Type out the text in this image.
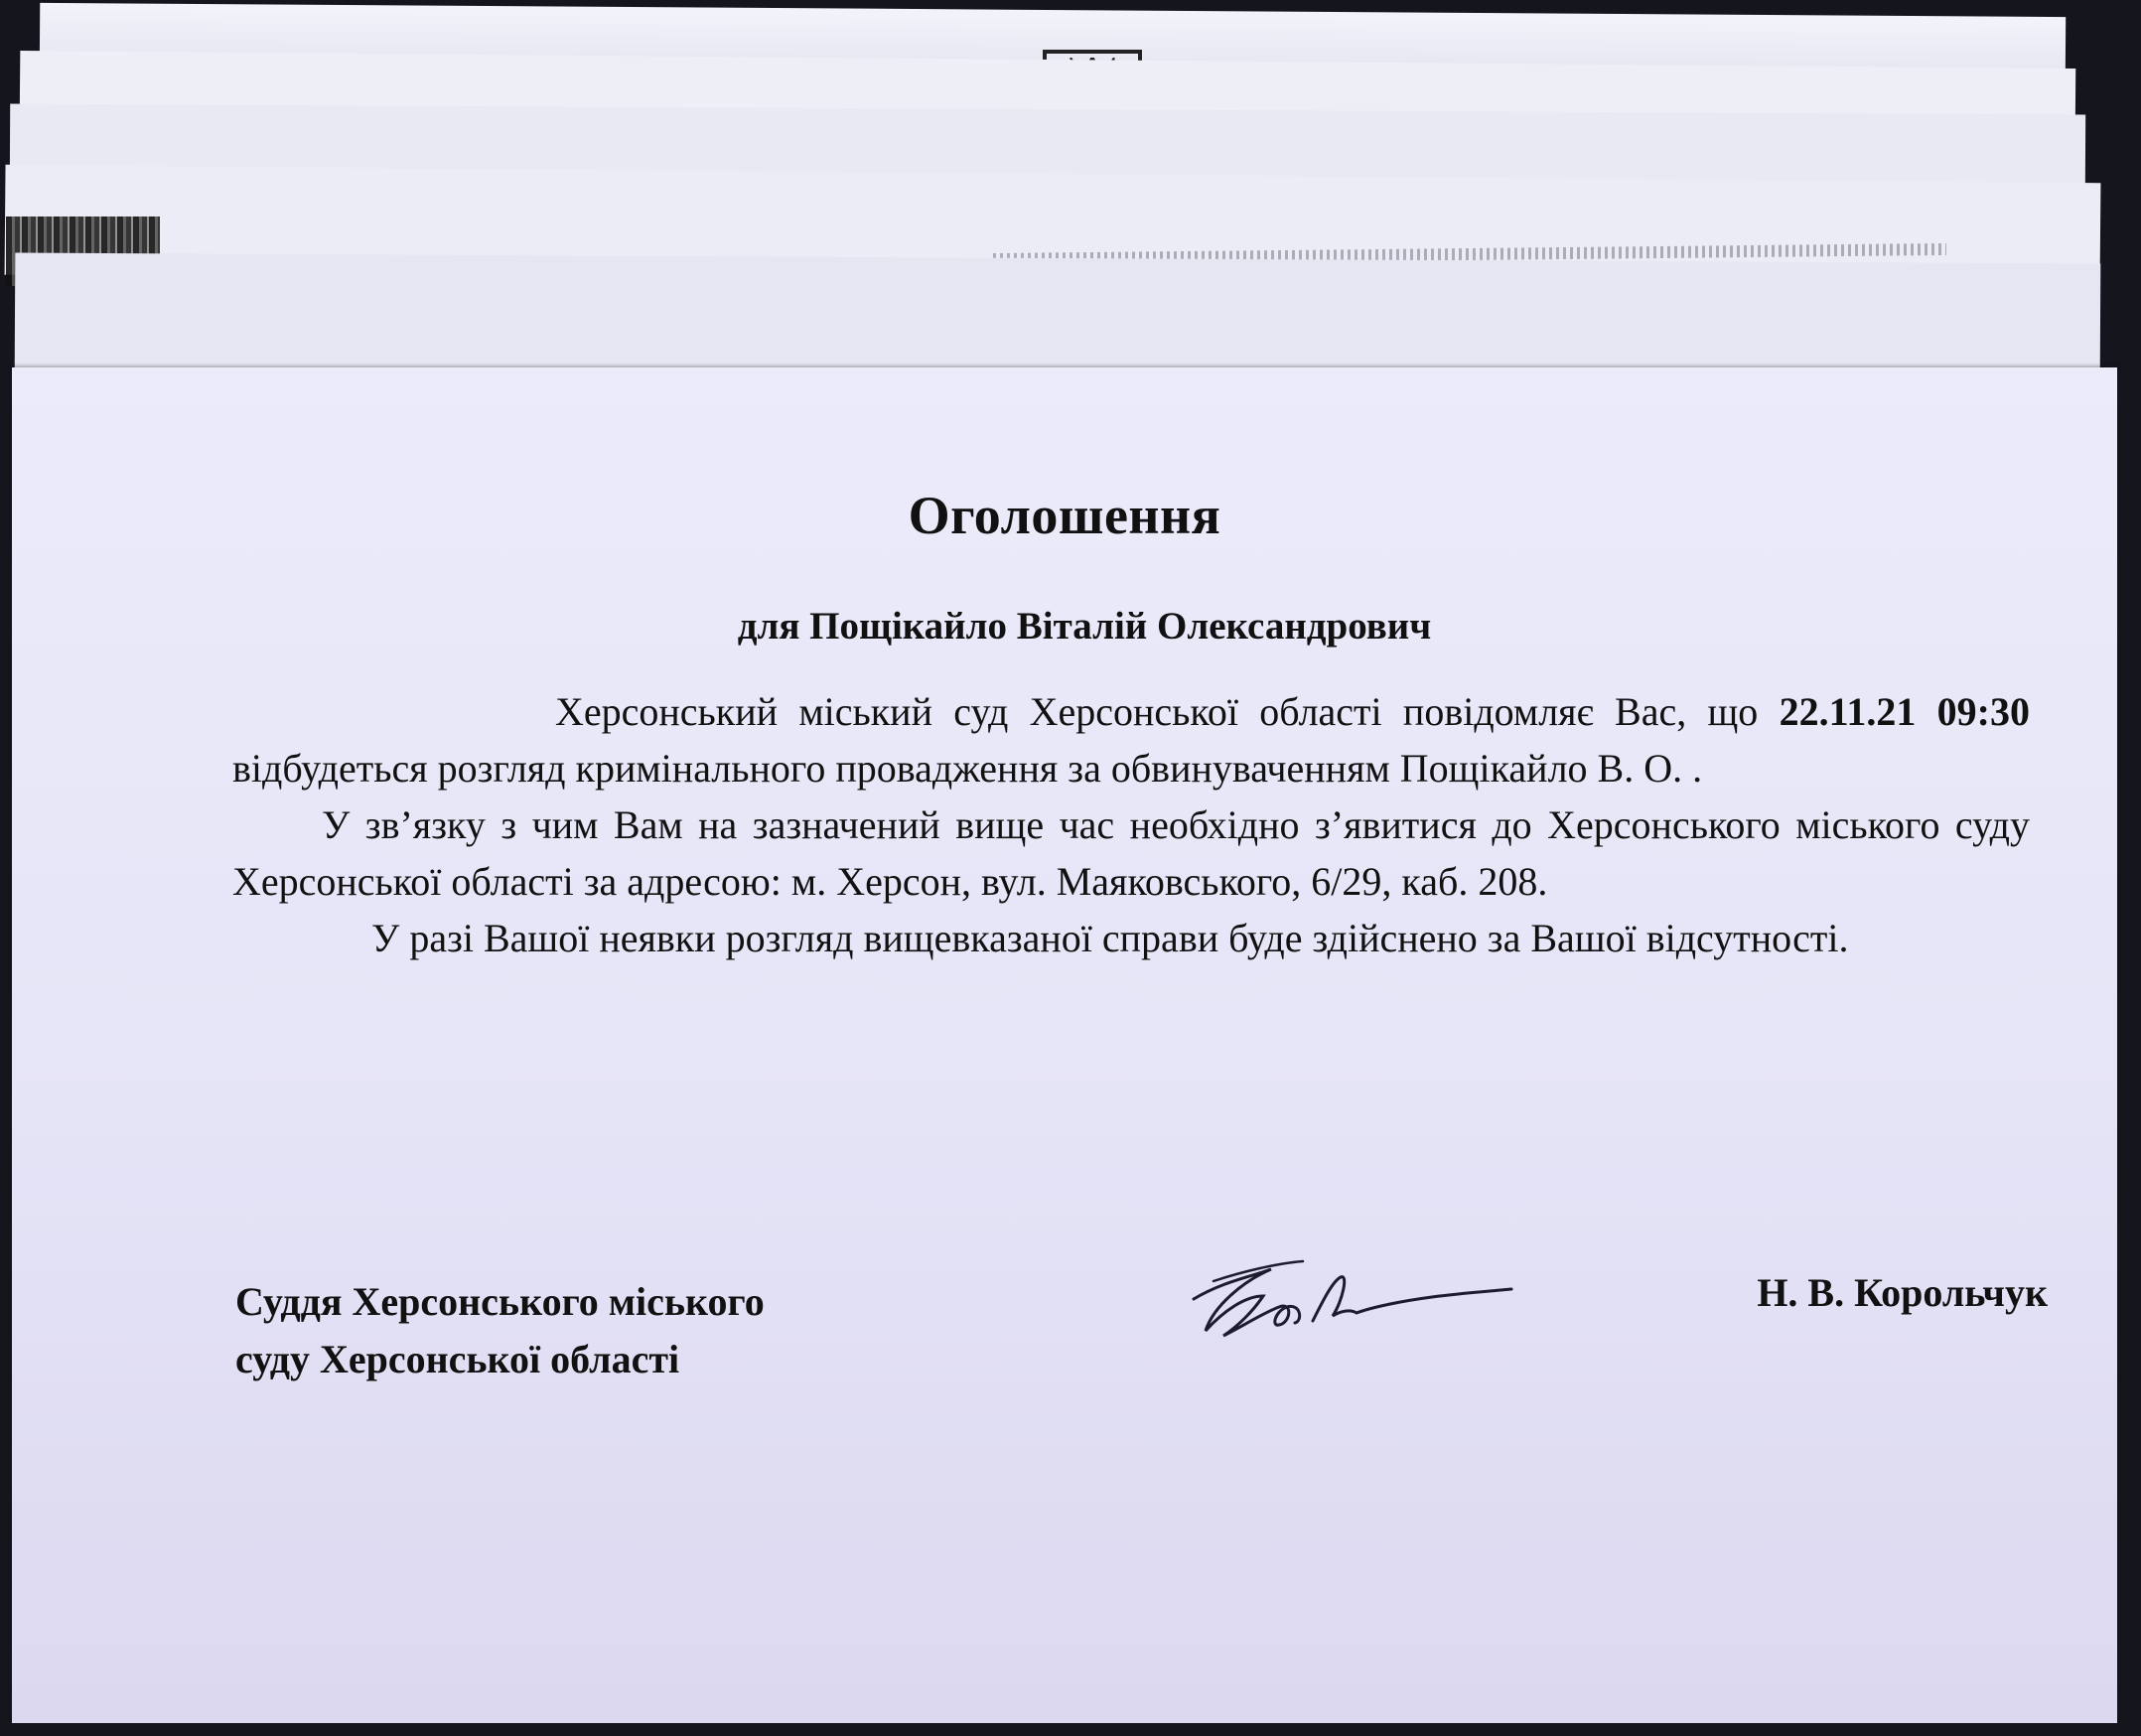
Оголошення
для Пощікайло Віталій Олександрович

Херсонський міський суд Херсонської області повідомляє Вас, що 22.11.21 09:30 відбудеться розгляд кримінального провадження за обвинуваченням Пощікайло В. О. .

У зв’язку з чим Вам на зазначений вище час необхідно з’явитися до Херсонського міського суду Херсонської області за адресою: м. Херсон, вул. Маяковського, 6/29, каб. 208.

У разі Вашої неявки розгляд вищевказаної справи буде здійснено за Вашої відсутності.

Суддя Херсонського міського
суду Херсонської області
Н. В. Корольчук
